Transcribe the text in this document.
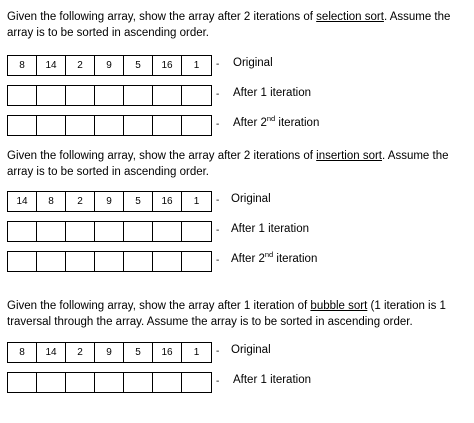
Given the following array, show the array after 2 iterations of selection sort. Assume the array is to be sorted in ascending order.

8	14	2	9	5	16	1	- Original
- After 1 iteration
- After 2nd iteration

Given the following array, show the array after 2 iterations of insertion sort. Assume the array is to be sorted in ascending order.

14	8	2	9	5	16	1	- Original
- After 1 iteration
- After 2nd iteration

Given the following array, show the array after 1 iteration of bubble sort (1 iteration is 1 traversal through the array. Assume the array is to be sorted in ascending order.

8	14	2	9	5	16	1	- Original
- After 1 iteration
